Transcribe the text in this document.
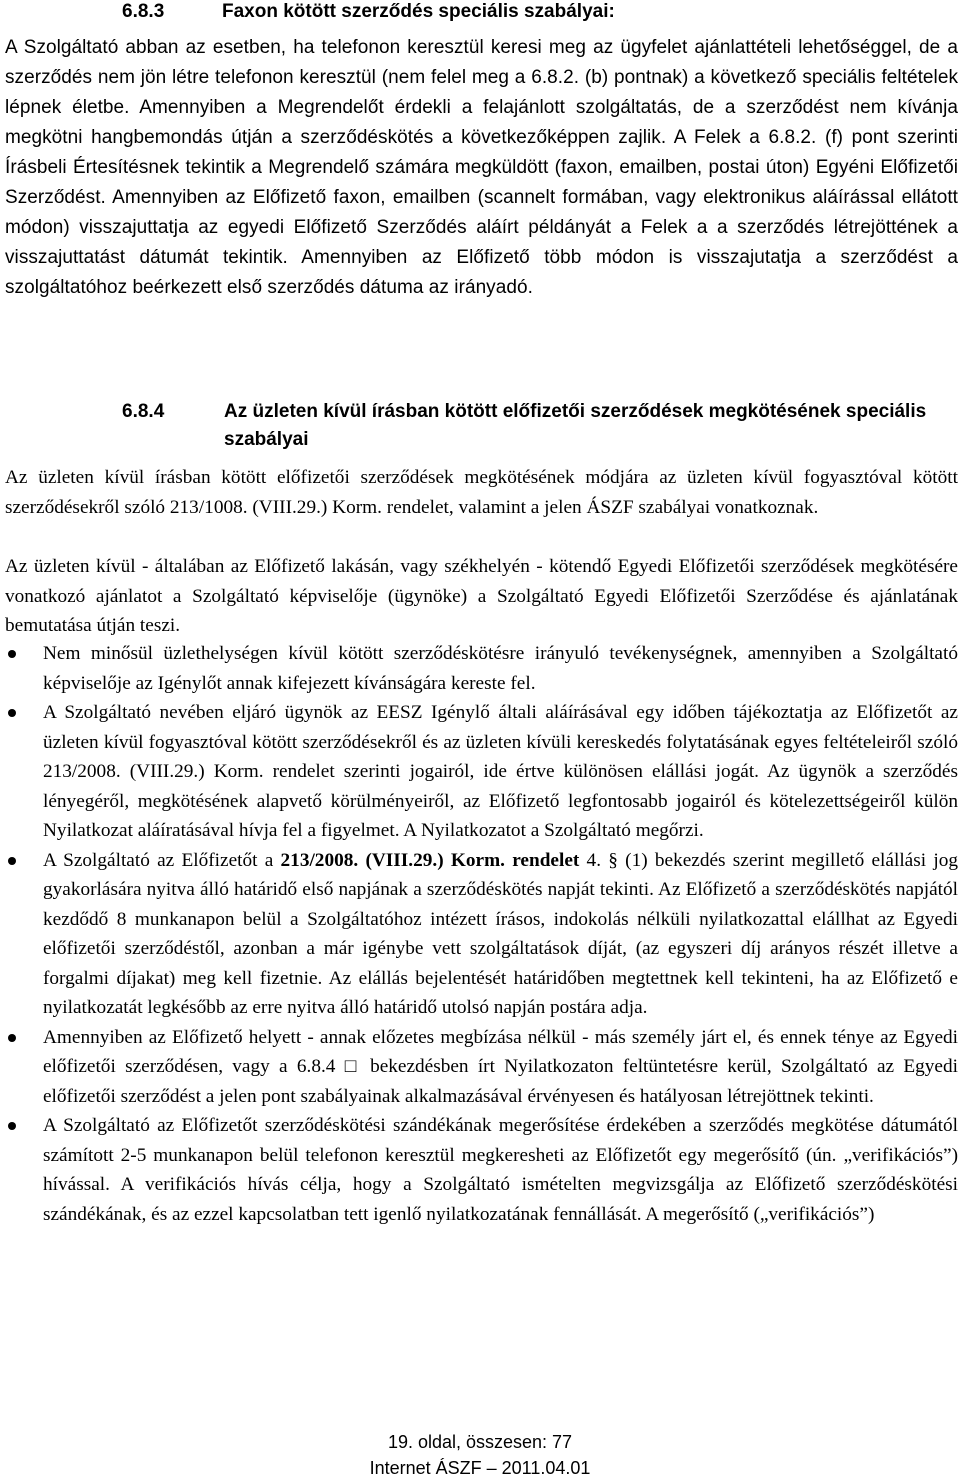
6.8.3	Faxon kötött szerződés speciális szabályai:
A Szolgáltató abban az esetben, ha telefonon keresztül keresi meg az ügyfelet ajánlattételi lehetőséggel, de a szerződés nem jön létre telefonon keresztül (nem felel meg a 6.8.2. (b) pontnak) a következő speciális feltételek lépnek életbe. Amennyiben a Megrendelőt érdekli a felajánlott szolgáltatás, de a szerződést nem kívánja megkötni hangbemondás útján a szerződéskötés a következőképpen zajlik. A Felek a 6.8.2. (f) pont szerinti Írásbeli Értesítésnek tekintik a Megrendelő számára megküldött (faxon, emailben, postai úton) Egyéni Előfizetői Szerződést. Amennyiben az Előfizető faxon, emailben (scannelt formában, vagy elektronikus aláírással ellátott módon) visszajuttatja az egyedi Előfizető Szerződés aláírt példányát a Felek a a szerződés létrejöttének a visszajuttatást dátumát tekintik. Amennyiben az Előfizető több módon is visszajutatja a szerződést a szolgáltatóhoz beérkezett első szerződés dátuma az irányadó.
6.8.4	Az üzleten kívül írásban kötött előfizetői szerződések megkötésének speciális szabályai
Az üzleten kívül írásban kötött előfizetői szerződések megkötésének módjára az üzleten kívül fogyasztóval kötött szerződésekről szóló 213/1008. (VIII.29.) Korm. rendelet, valamint a jelen ÁSZF szabályai vonatkoznak.
Az üzleten kívül - általában az Előfizető lakásán, vagy székhelyén - kötendő Egyedi Előfizetői szerződések megkötésére vonatkozó ajánlatot a Szolgáltató képviselője (ügynöke) a Szolgáltató Egyedi Előfizetői Szerződése és ajánlatának bemutatása útján teszi.
Nem minősül üzlethelységen kívül kötött szerződéskötésre irányuló tevékenységnek, amennyiben a Szolgáltató képviselője az Igénylőt annak kifejezett kívánságára kereste fel.
A Szolgáltató nevében eljáró ügynök az EESZ Igénylő általi aláírásával egy időben tájékoztatja az Előfizetőt az üzleten kívül fogyasztóval kötött szerződésekről és az üzleten kívüli kereskedés folytatásának egyes feltételeiről szóló 213/2008. (VIII.29.) Korm. rendelet szerinti jogairól, ide értve különösen elállási jogát. Az ügynök a szerződés lényegéről, megkötésének alapvető körülményeiről, az Előfizető legfontosabb jogairól és kötelezettségeiről külön Nyilatkozat aláíratásával hívja fel a figyelmet. A Nyilatkozatot a Szolgáltató megőrzi.
A Szolgáltató az Előfizetőt a 213/2008. (VIII.29.) Korm. rendelet 4. § (1) bekezdés szerint megillető elállási jog gyakorlására nyitva álló határidő első napjának a szerződéskötés napját tekinti. Az Előfizető a szerződéskötés napjától kezdődő 8 munkanapon belül a Szolgáltatóhoz intézett írásos, indokolás nélküli nyilatkozattal elállhat az Egyedi előfizetői szerződéstől, azonban a már igénybe vett szolgáltatások díját, (az egyszeri díj arányos részét illetve a forgalmi díjakat) meg kell fizetnie. Az elállás bejelentését határidőben megtettnek kell tekinteni, ha az Előfizető e nyilatkozatát legkésőbb az erre nyitva álló határidő utolsó napján postára adja.
Amennyiben az Előfizető helyett - annak előzetes megbízása nélkül - más személy járt el, és ennek ténye az Egyedi előfizetői szerződésen, vagy a 6.8.4 □ bekezdésben írt Nyilatkozaton feltüntetésre kerül, Szolgáltató az Egyedi előfizetői szerződést a jelen pont szabályainak alkalmazásával érvényesen és hatályosan létrejöttnek tekinti.
A Szolgáltató az Előfizetőt szerződéskötési szándékának megerősítése érdekében a szerződés megkötése dátumától számított 2-5 munkanapon belül telefonon keresztül megkeresheti az Előfizetőt egy megerősítő (ún. „verifikációs”) hívással. A verifikációs hívás célja, hogy a Szolgáltató ismételten megvizsgálja az Előfizető szerződéskötési szándékának, és az ezzel kapcsolatban tett igenlő nyilatkozatának fennállását. A megerősítő („verifikációs”)
19. oldal, összesen: 77
Internet ÁSZF – 2011.04.01
